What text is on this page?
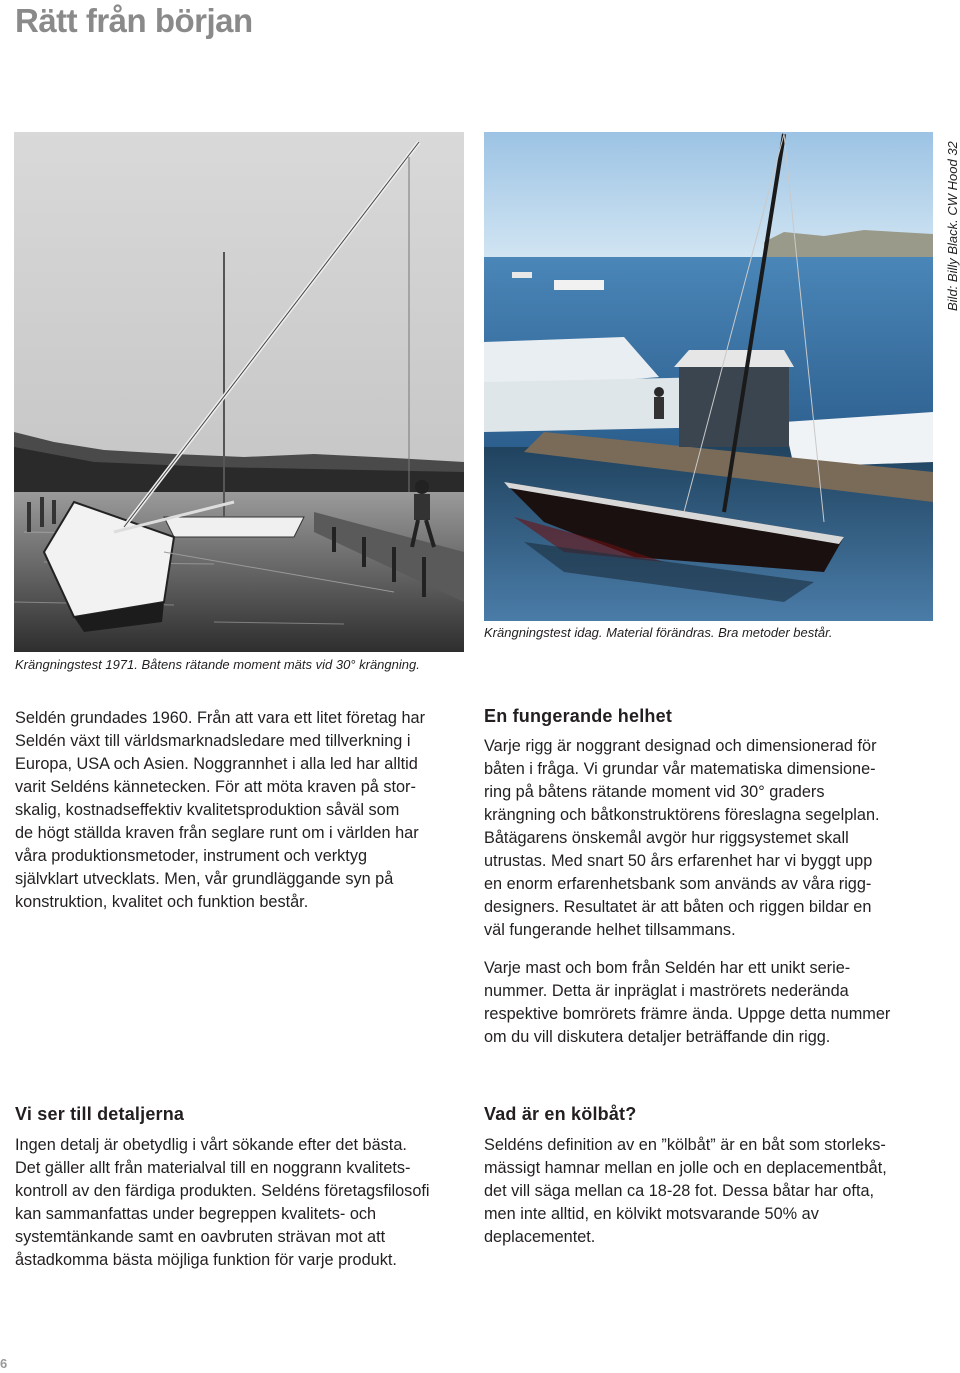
Rätt från början
Krängningstest 1971. Båtens rätande moment mäts vid 30° krängning.
Bild: Billy Black. CW Hood 32
Krängningstest idag. Material förändras. Bra metoder består.

Seldén grundades 1960. Från att vara ett litet företag har

Seldén växt till världsmarknadsledare med tillverkning i

Europa, USA och Asien. Noggrannhet i alla led har alltid

varit Seldéns kännetecken. För att möta kraven på stor-

skalig, kostnadseffektiv kvalitetsproduktion såväl som

de högt ställda kraven från seglare runt om i världen har

våra produktionsmetoder, instrument och verktyg

självklart utvecklats. Men, vår grundläggande syn på

konstruktion, kvalitet och funktion består.

En fungerande helhet

Varje rigg är noggrant designad och dimensionerad för

båten i fråga. Vi grundar vår matematiska dimensione-

ring på båtens rätande moment vid 30° graders

krängning och båtkonstruktörens föreslagna segelplan.

Båtägarens önskemål avgör hur riggsystemet skall

utrustas. Med snart 50 års erfarenhet har vi byggt upp

en enorm erfarenhetsbank som används av våra rigg-

designers. Resultatet är att båten och riggen bildar en

väl fungerande helhet tillsammans.

Varje mast och bom från Seldén har ett unikt serie-

nummer. Detta är inpräglat i maströrets nederända

respektive bomrörets främre ända. Uppge detta nummer

om du vill diskutera detaljer beträffande din rigg.

Vi ser till detaljerna

Ingen detalj är obetydlig i vårt sökande efter det bästa.

Det gäller allt från materialval till en noggrann kvalitets-

kontroll av den färdiga produkten. Seldéns företagsfilosofi

kan sammanfattas under begreppen kvalitets- och

systemtänkande samt en oavbruten strävan mot att

åstadkomma bästa möjliga funktion för varje produkt.

Vad är en kölbåt?

Seldéns definition av en ”kölbåt” är en båt som storleks-

mässigt hamnar mellan en jolle och en deplacementbåt,

det vill säga mellan ca 18-28 fot. Dessa båtar har ofta,

men inte alltid, en kölvikt motsvarande 50% av

deplacementet.

6
